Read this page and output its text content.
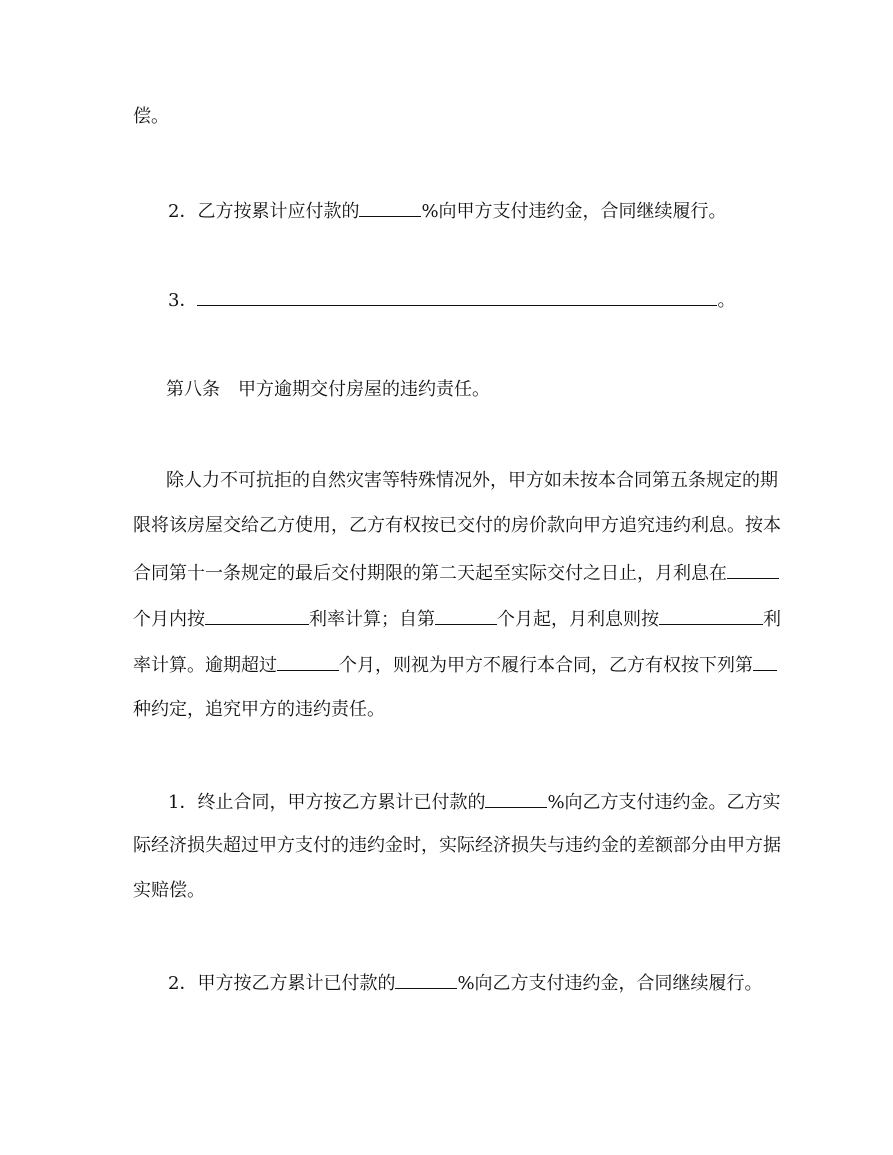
偿。

2．乙方按累计应付款的	%向甲方支付违约金，合同继续履行。

3．	。

第八条　甲方逾期交付房屋的违约责任。

除人力不可抗拒的自然灾害等特殊情况外，甲方如未按本合同第五条规定的期

限将该房屋交给乙方使用，乙方有权按已交付的房价款向甲方追究违约利息。按本

合同第十一条规定的最后交付期限的第二天起至实际交付之日止，月利息在

个月内按	利率计算；自第	个月起，月利息则按	利

率计算。逾期超过	个月，则视为甲方不履行本合同，乙方有权按下列第

种约定，追究甲方的违约责任。

1．终止合同，甲方按乙方累计已付款的	%向乙方支付违约金。乙方实

际经济损失超过甲方支付的违约金时，实际经济损失与违约金的差额部分由甲方据

实赔偿。

2．甲方按乙方累计已付款的	%向乙方支付违约金，合同继续履行。
